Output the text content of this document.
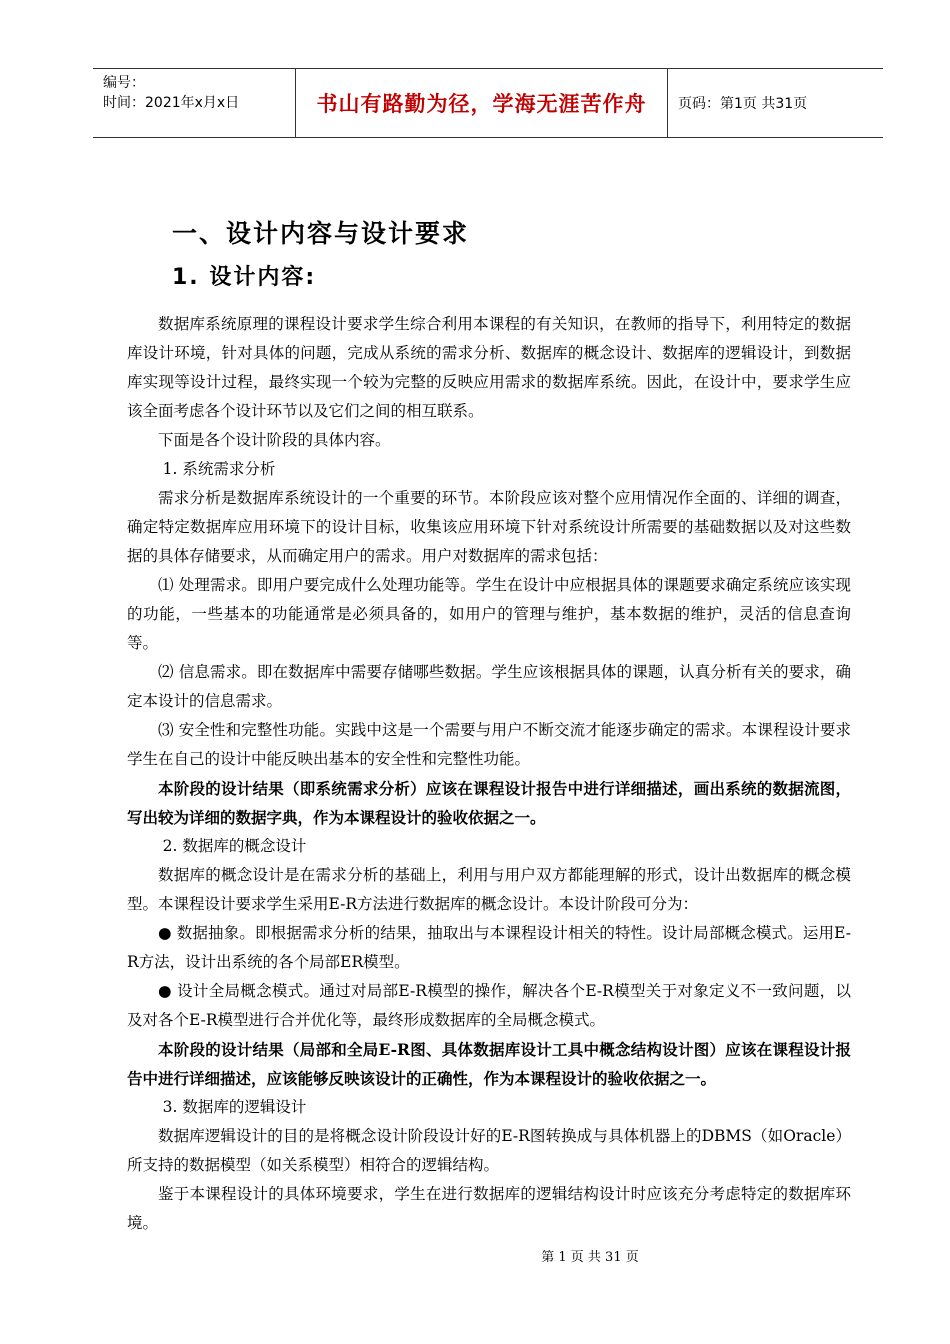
编号：
时间：2021年x月x日	书山有路勤为径，学海无涯苦作舟	页码：第1页 共31页
一、设计内容与设计要求
1. 设计内容:

数据库系统原理的课程设计要求学生综合利用本课程的有关知识，在教师的指导下，利用特定的数据库设计环境，针对具体的问题，完成从系统的需求分析、数据库的概念设计、数据库的逻辑设计，到数据库实现等设计过程，最终实现一个较为完整的反映应用需求的数据库系统。因此，在设计中，要求学生应该全面考虑各个设计环节以及它们之间的相互联系。

下面是各个设计阶段的具体内容。

1. 系统需求分析

需求分析是数据库系统设计的一个重要的环节。本阶段应该对整个应用情况作全面的、详细的调查，确定特定数据库应用环境下的设计目标，收集该应用环境下针对系统设计所需要的基础数据以及对这些数据的具体存储要求，从而确定用户的需求。用户对数据库的需求包括：

⑴ 处理需求。即用户要完成什么处理功能等。学生在设计中应根据具体的课题要求确定系统应该实现的功能，一些基本的功能通常是必须具备的，如用户的管理与维护，基本数据的维护，灵活的信息查询等。

⑵ 信息需求。即在数据库中需要存储哪些数据。学生应该根据具体的课题，认真分析有关的要求，确定本设计的信息需求。

⑶ 安全性和完整性功能。实践中这是一个需要与用户不断交流才能逐步确定的需求。本课程设计要求学生在自己的设计中能反映出基本的安全性和完整性功能。

本阶段的设计结果（即系统需求分析）应该在课程设计报告中进行详细描述，画出系统的数据流图，写出较为详细的数据字典，作为本课程设计的验收依据之一。

2. 数据库的概念设计

数据库的概念设计是在需求分析的基础上，利用与用户双方都能理解的形式，设计出数据库的概念模型。本课程设计要求学生采用E-R方法进行数据库的概念设计。本设计阶段可分为：

● 数据抽象。即根据需求分析的结果，抽取出与本课程设计相关的特性。设计局部概念模式。运用E-R方法，设计出系统的各个局部ER模型。

● 设计全局概念模式。通过对局部E-R模型的操作，解决各个E-R模型关于对象定义不一致问题，以及对各个E-R模型进行合并优化等，最终形成数据库的全局概念模式。

本阶段的设计结果（局部和全局E-R图、具体数据库设计工具中概念结构设计图）应该在课程设计报告中进行详细描述，应该能够反映该设计的正确性，作为本课程设计的验收依据之一。

3. 数据库的逻辑设计

数据库逻辑设计的目的是将概念设计阶段设计好的E-R图转换成与具体机器上的DBMS（如Oracle）所支持的数据模型（如关系模型）相符合的逻辑结构。

鉴于本课程设计的具体环境要求，学生在进行数据库的逻辑结构设计时应该充分考虑特定的数据库环境。

第 1 页 共 31 页
